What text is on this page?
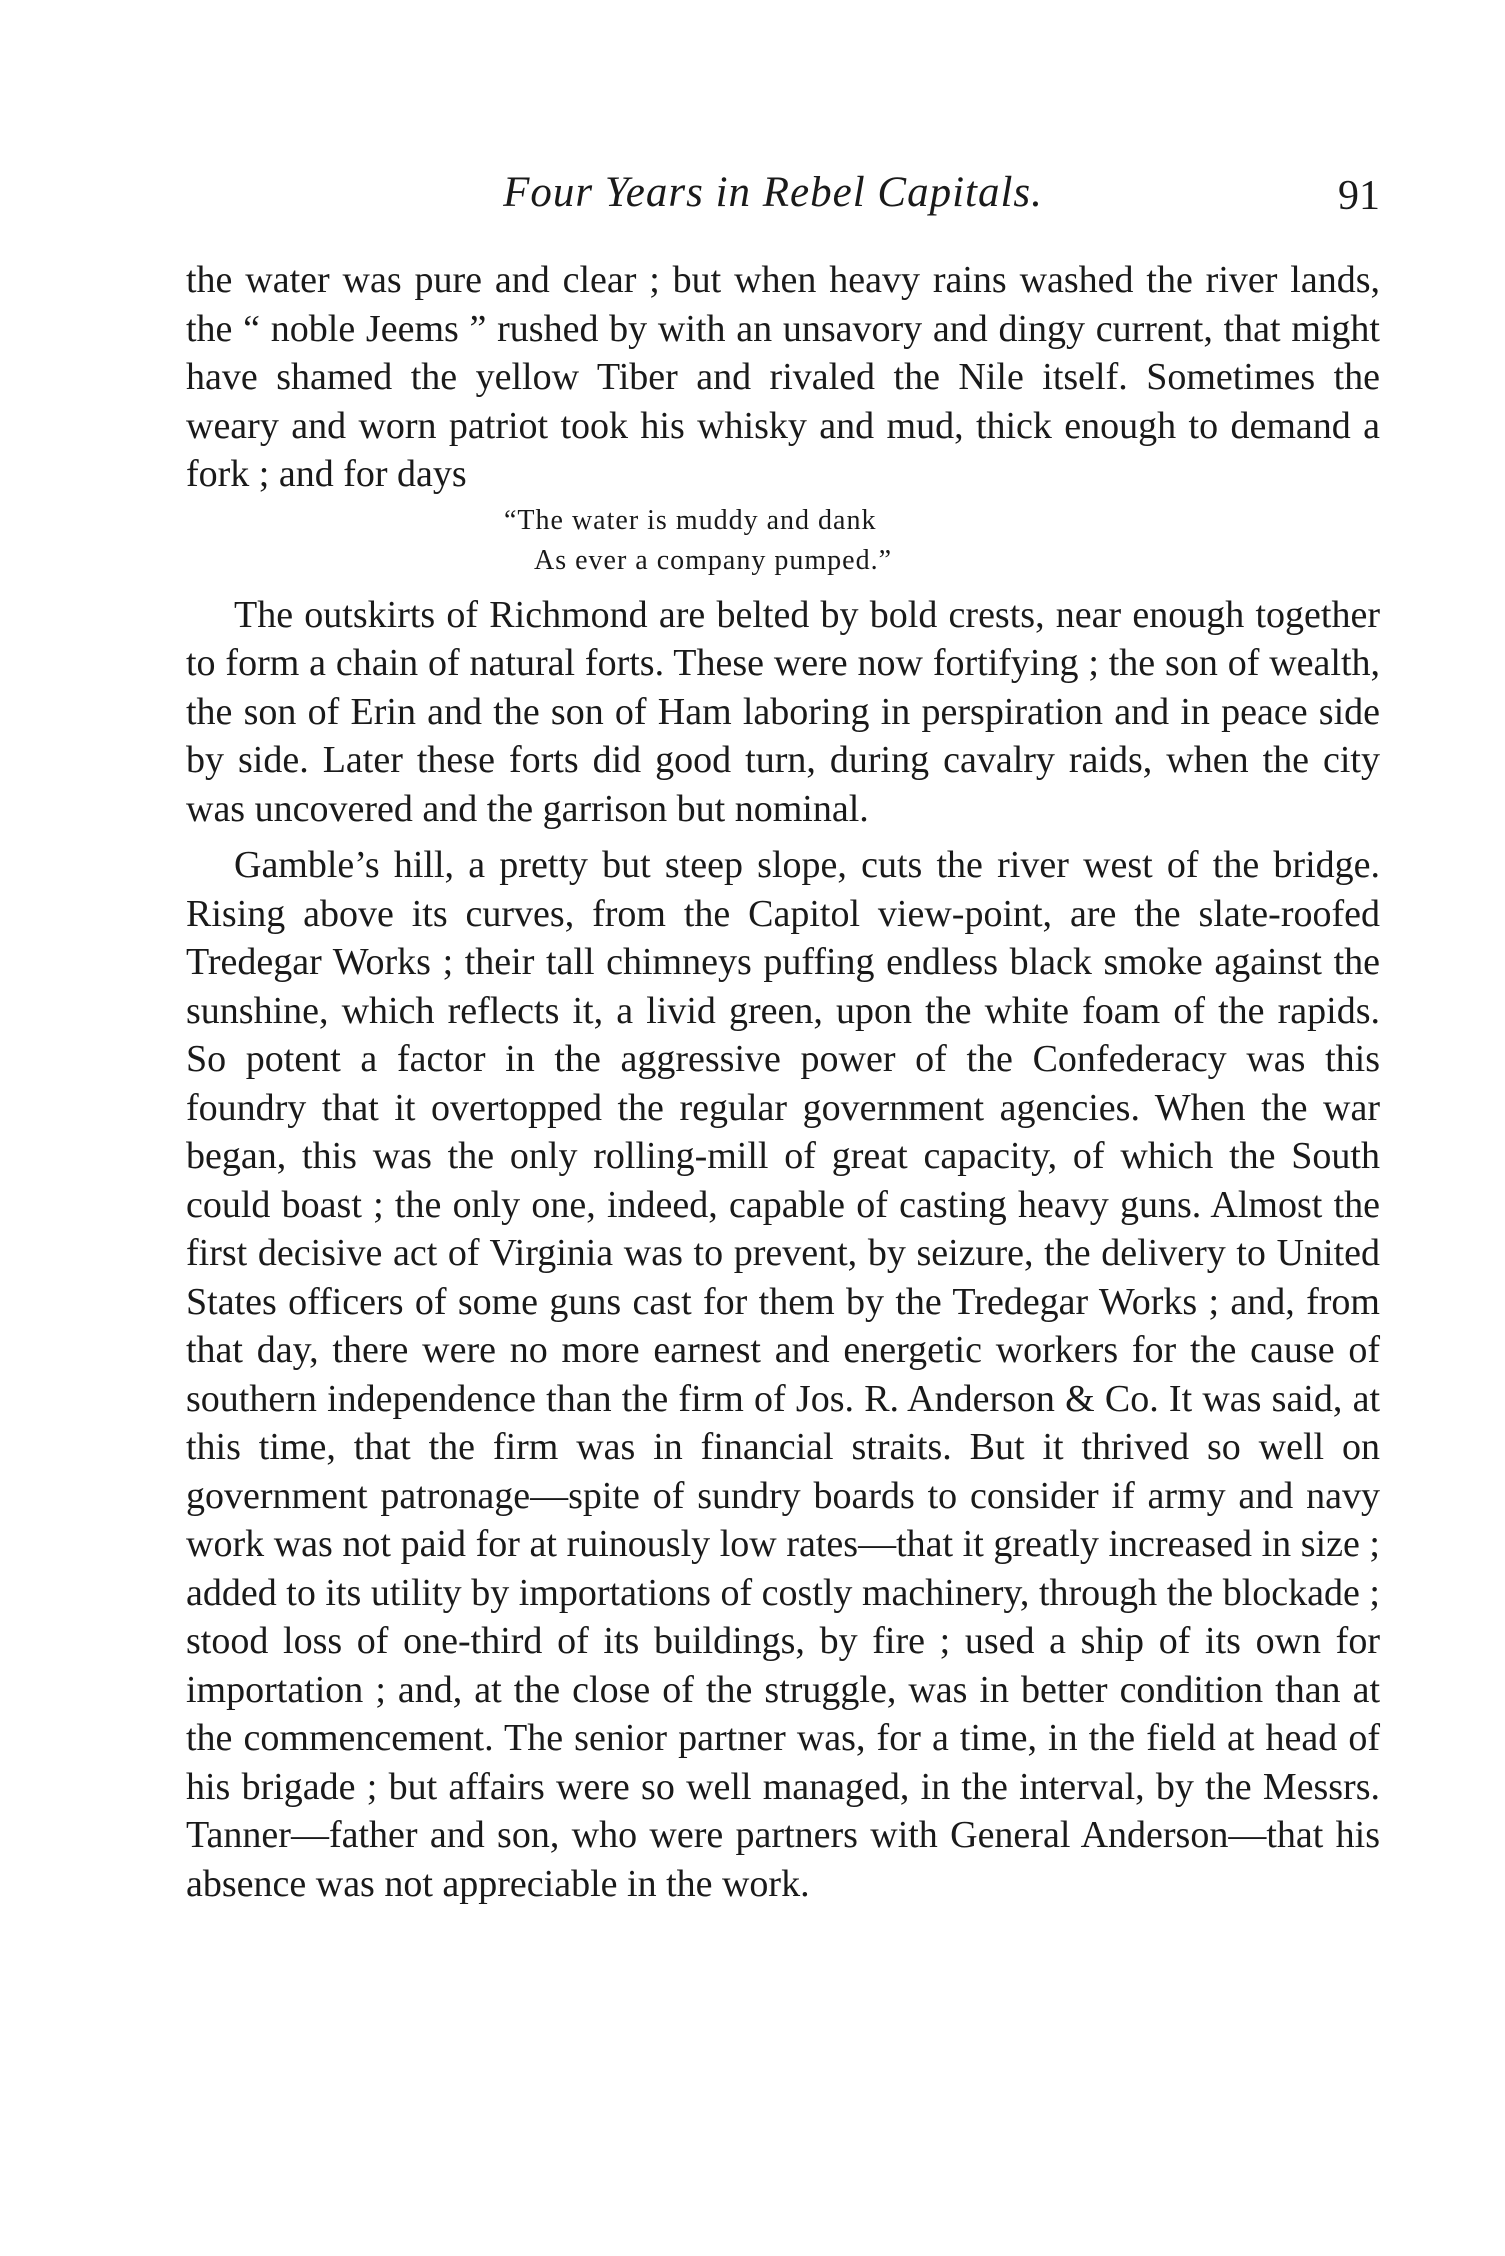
Four Years in Rebel Capitals.	91

the water was pure and clear ; but when heavy rains washed the river lands, the “ noble Jeems ” rushed by with an unsavory and dingy current, that might have shamed the yellow Tiber and rivaled the Nile itself. Sometimes the weary and worn patriot took his whisky and mud, thick enough to demand a fork ; and for days

“The water is muddy and dank
As ever a company pumped.”

The outskirts of Richmond are belted by bold crests, near enough together to form a chain of natural forts. These were now fortifying ; the son of wealth, the son of Erin and the son of Ham laboring in perspiration and in peace side by side. Later these forts did good turn, during cavalry raids, when the city was uncovered and the garrison but nominal.

Gamble’s hill, a pretty but steep slope, cuts the river west of the bridge. Rising above its curves, from the Capitol view-point, are the slate-roofed Tredegar Works ; their tall chimneys puffing endless black smoke against the sunshine, which reflects it, a livid green, upon the white foam of the rapids. So potent a factor in the aggressive power of the Confederacy was this foundry that it overtopped the regular government agencies. When the war began, this was the only rolling-mill of great capacity, of which the South could boast ; the only one, indeed, capable of casting heavy guns. Almost the first decisive act of Virginia was to prevent, by seizure, the delivery to United States officers of some guns cast for them by the Tredegar Works ; and, from that day, there were no more earnest and energetic workers for the cause of southern independence than the firm of Jos. R. Anderson & Co. It was said, at this time, that the firm was in financial straits. But it thrived so well on government patronage—spite of sundry boards to consider if army and navy work was not paid for at ruinously low rates—that it greatly increased in size ; added to its utility by importations of costly machinery, through the blockade ; stood loss of one-third of its buildings, by fire ; used a ship of its own for importation ; and, at the close of the struggle, was in better condition than at the commencement. The senior partner was, for a time, in the field at head of his brigade ; but affairs were so well managed, in the interval, by the Messrs. Tanner—father and son, who were partners with General Anderson—that his absence was not appreciable in the work.
